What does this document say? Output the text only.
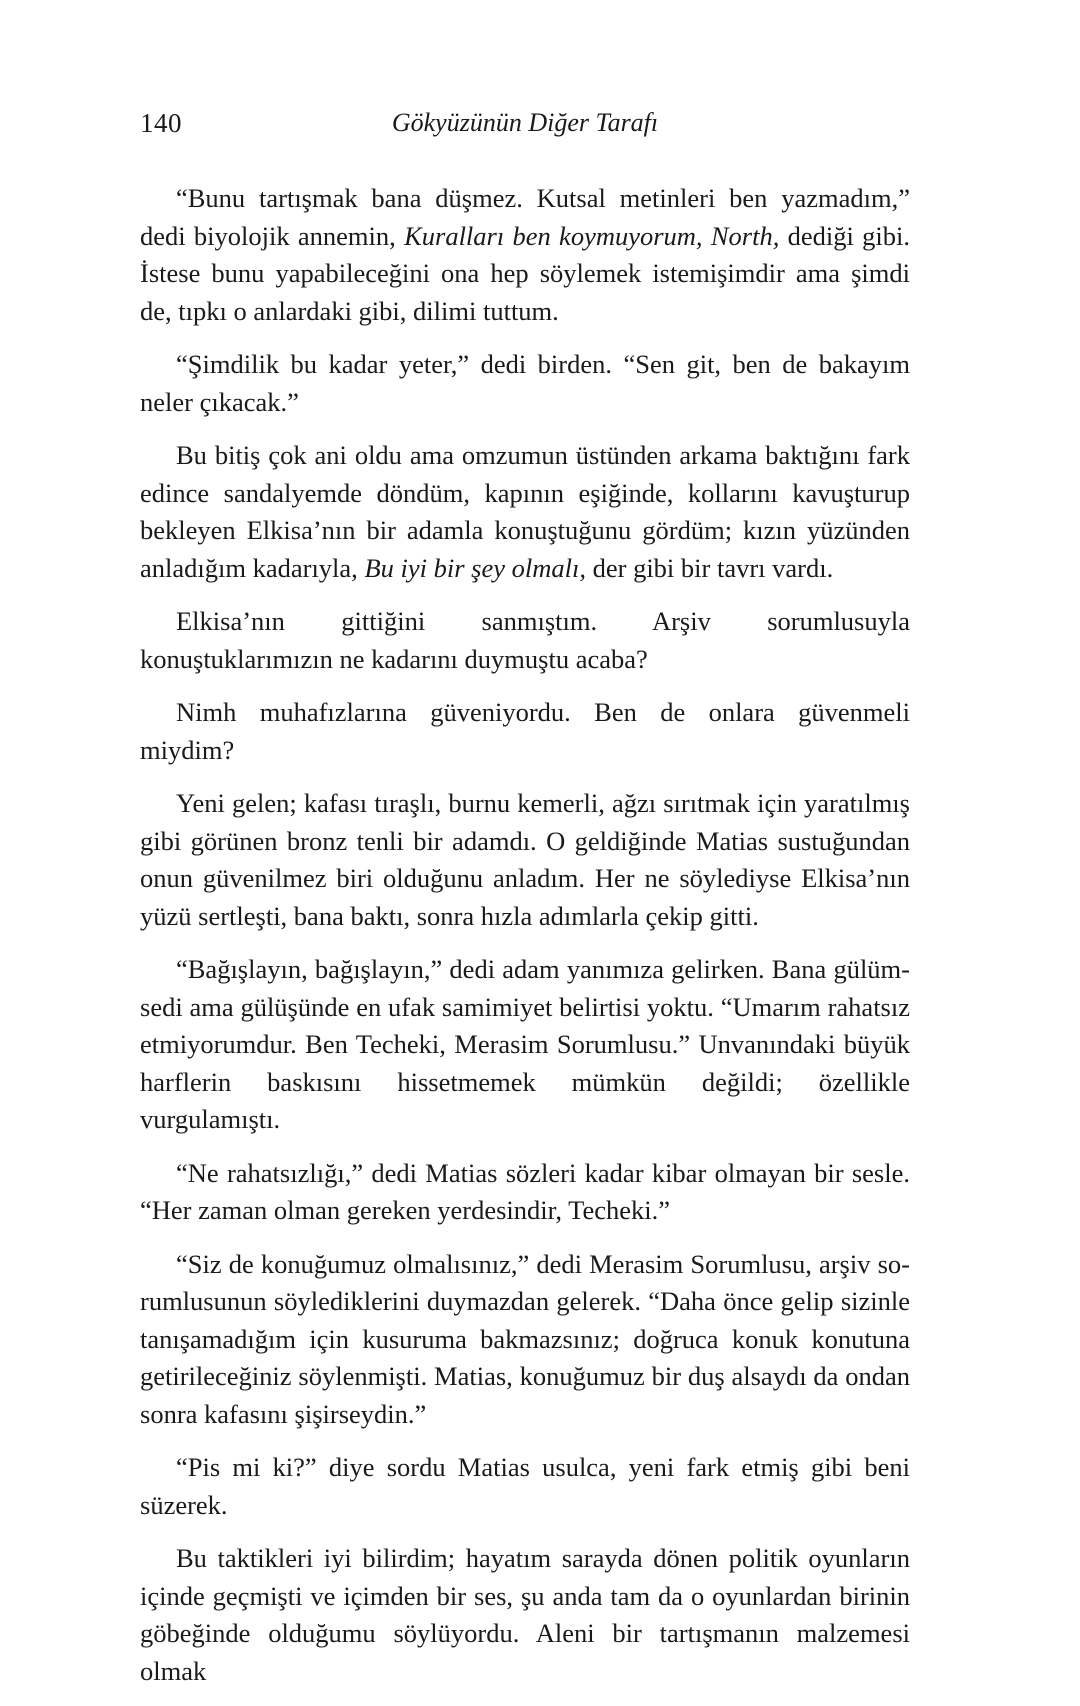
140	Gökyüzünün Diğer Tarafı

“Bunu tartışmak bana düşmez. Kutsal metinleri ben yazmadım,” dedi biyolojik annemin, Kuralları ben koymuyorum, North, dediği gibi. İstese bunu yapabileceğini ona hep söylemek istemişimdir ama şimdi de, tıpkı o anlardaki gibi, dilimi tuttum.

“Şimdilik bu kadar yeter,” dedi birden. “Sen git, ben de bakayım neler çıkacak.”

Bu bitiş çok ani oldu ama omzumun üstünden arkama baktığını fark edince sandalyemde döndüm, kapının eşiğinde, kollarını kavuşturup bekleyen Elkisa’nın bir adamla konuştuğunu gördüm; kızın yüzünden anladığım kadarıyla, Bu iyi bir şey olmalı, der gibi bir tavrı vardı.

Elkisa’nın gittiğini sanmıştım. Arşiv sorumlusuyla konuştuklarımızın ne kadarını duymuştu acaba?

Nimh muhafızlarına güveniyordu. Ben de onlara güvenmeli miydim?

Yeni gelen; kafası tıraşlı, burnu kemerli, ağzı sırıtmak için yaratılmış gibi görünen bronz tenli bir adamdı. O geldiğinde Matias sustuğundan onun güvenilmez biri olduğunu anladım. Her ne söylediyse Elkisa’nın yüzü sertleşti, bana baktı, sonra hızla adımlarla çekip gitti.

“Bağışlayın, bağışlayın,” dedi adam yanımıza gelirken. Bana gülümsedi ama gülüşünde en ufak samimiyet belirtisi yoktu. “Umarım rahatsız etmiyorumdur. Ben Techeki, Merasim Sorumlusu.” Unvanındaki büyük harflerin baskısını hissetmemek mümkün değildi; özellikle vurgulamıştı.

“Ne rahatsızlığı,” dedi Matias sözleri kadar kibar olmayan bir sesle. “Her zaman olman gereken yerdesindir, Techeki.”

“Siz de konuğumuz olmalısınız,” dedi Merasim Sorumlusu, arşiv sorumlusunun söylediklerini duymazdan gelerek. “Daha önce gelip sizinle tanışamadığım için kusuruma bakmazsınız; doğruca konuk konutuna getirileceğiniz söylenmişti. Matias, konuğumuz bir duş alsaydı da ondan sonra kafasını şişirseydin.”

“Pis mi ki?” diye sordu Matias usulca, yeni fark etmiş gibi beni süzerek.

Bu taktikleri iyi bilirdim; hayatım sarayda dönen politik oyunların içinde geçmişti ve içimden bir ses, şu anda tam da o oyunlardan birinin göbeğinde olduğumu söylüyordu. Aleni bir tartışmanın malzemesi olmak
